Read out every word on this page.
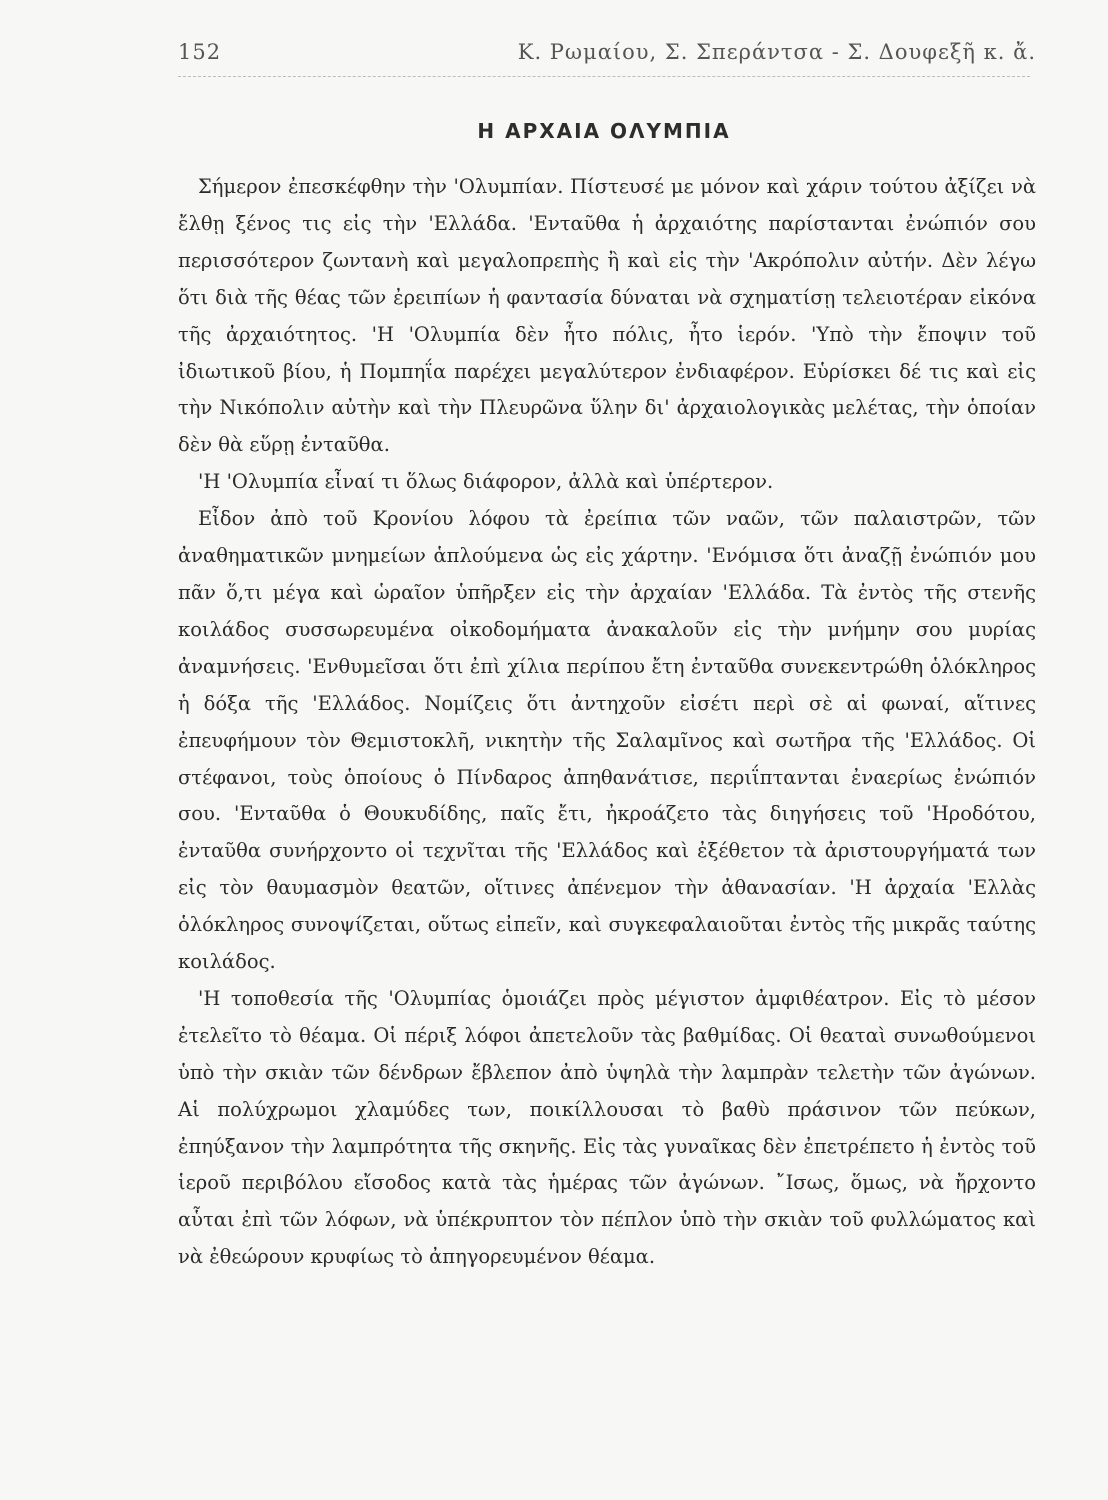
152	Κ. Ρωμαίου, Σ. Σπεράντσα - Σ. Δουφεξῆ κ. ἄ.
Η ΑΡΧΑΙΑ ΟΛΥΜΠΙΑ

Σήμερον ἐπεσκέφθην τὴν 'Ολυμπίαν. Πίστευσέ με μόνον καὶ χάριν τούτου ἀξίζει νὰ ἔλθῃ ξένος τις εἰς τὴν 'Ελλάδα. 'Ενταῦθα ἡ ἀρχαιότης παρίστανται ἐνώπιόν σου περισσότερον ζωντανὴ καὶ μεγαλοπρεπὴς ἢ καὶ εἰς τὴν 'Ακρόπολιν αὐτήν. Δὲν λέγω ὅτι διὰ τῆς θέας τῶν ἐρειπίων ἡ φαντασία δύναται νὰ σχηματίσῃ τελειοτέραν εἰκόνα τῆς ἀρχαιότητος. 'Η 'Ολυμπία δὲν ἦτο πόλις, ἦτο ἱερόν. 'Υπὸ τὴν ἔποψιν τοῦ ἰδιωτικοῦ βίου, ἡ Πομπηΐα παρέχει μεγαλύτερον ἐνδιαφέρον. Εὑρίσκει δέ τις καὶ εἰς τὴν Νικόπολιν αὐτὴν καὶ τὴν Πλευρῶνα ὕλην δι' ἀρχαιολογικὰς μελέτας, τὴν ὁποίαν δὲν θὰ εὕρῃ ἐνταῦθα.

'Η 'Ολυμπία εἶναί τι ὅλως διάφορον, ἀλλὰ καὶ ὑπέρτερον.

Εἶδον ἀπὸ τοῦ Κρονίου λόφου τὰ ἐρείπια τῶν ναῶν, τῶν παλαιστρῶν, τῶν ἀναθηματικῶν μνημείων ἁπλούμενα ὡς εἰς χάρτην. 'Ενόμισα ὅτι ἀναζῇ ἐνώπιόν μου πᾶν ὅ,τι μέγα καὶ ὡραῖον ὑπῆρξεν εἰς τὴν ἀρχαίαν 'Ελλάδα. Τὰ ἐντὸς τῆς στενῆς κοιλάδος συσσωρευμένα οἰκοδομήματα ἀνακαλοῦν εἰς τὴν μνήμην σου μυρίας ἀναμνήσεις. 'Ενθυμεῖσαι ὅτι ἐπὶ χίλια περίπου ἔτη ἐνταῦθα συνεκεντρώθη ὁλόκληρος ἡ δόξα τῆς 'Ελλάδος. Νομίζεις ὅτι ἀντηχοῦν εἰσέτι περὶ σὲ αἱ φωναί, αἵτινες ἐπευφήμουν τὸν Θεμιστοκλῆ, νικητὴν τῆς Σαλαμῖνος καὶ σωτῆρα τῆς 'Ελλάδος. Οἱ στέφανοι, τοὺς ὁποίους ὁ Πίνδαρος ἀπηθανάτισε, περιΐπτανται ἐναερίως ἐνώπιόν σου. 'Ενταῦθα ὁ Θουκυδίδης, παῖς ἔτι, ἠκροάζετο τὰς διηγήσεις τοῦ 'Ηροδότου, ἐνταῦθα συνήρχοντο οἱ τεχνῖται τῆς 'Ελλάδος καὶ ἐξέθετον τὰ ἀριστουργήματά των εἰς τὸν θαυμασμὸν θεατῶν, οἵτινες ἀπένεμον τὴν ἀθανασίαν. 'Η ἀρχαία 'Ελλὰς ὁλόκληρος συνοψίζεται, οὕτως εἰπεῖν, καὶ συγκεφαλαιοῦται ἐντὸς τῆς μικρᾶς ταύτης κοιλάδος.

'Η τοποθεσία τῆς 'Ολυμπίας ὁμοιάζει πρὸς μέγιστον ἀμφιθέατρον. Εἰς τὸ μέσον ἐτελεῖτο τὸ θέαμα. Οἱ πέριξ λόφοι ἀπετελοῦν τὰς βαθμίδας. Οἱ θεαταὶ συνωθούμενοι ὑπὸ τὴν σκιὰν τῶν δένδρων ἔβλεπον ἀπὸ ὑψηλὰ τὴν λαμπρὰν τελετὴν τῶν ἀγώνων. Αἱ πολύχρωμοι χλαμύδες των, ποικίλλουσαι τὸ βαθὺ πράσινον τῶν πεύκων, ἐπηύξανον τὴν λαμπρότητα τῆς σκηνῆς. Εἰς τὰς γυναῖκας δὲν ἐπετρέπετο ἡ ἐντὸς τοῦ ἱεροῦ περιβόλου εἴσοδος κατὰ τὰς ἡμέρας τῶν ἀγώνων. ῎Ισως, ὅμως, νὰ ἤρχοντο αὗται ἐπὶ τῶν λόφων, νὰ ὑπέκρυπτον τὸν πέπλον ὑπὸ τὴν σκιὰν τοῦ φυλλώματος καὶ νὰ ἐθεώρουν κρυφίως τὸ ἀπηγορευμένον θέαμα.
